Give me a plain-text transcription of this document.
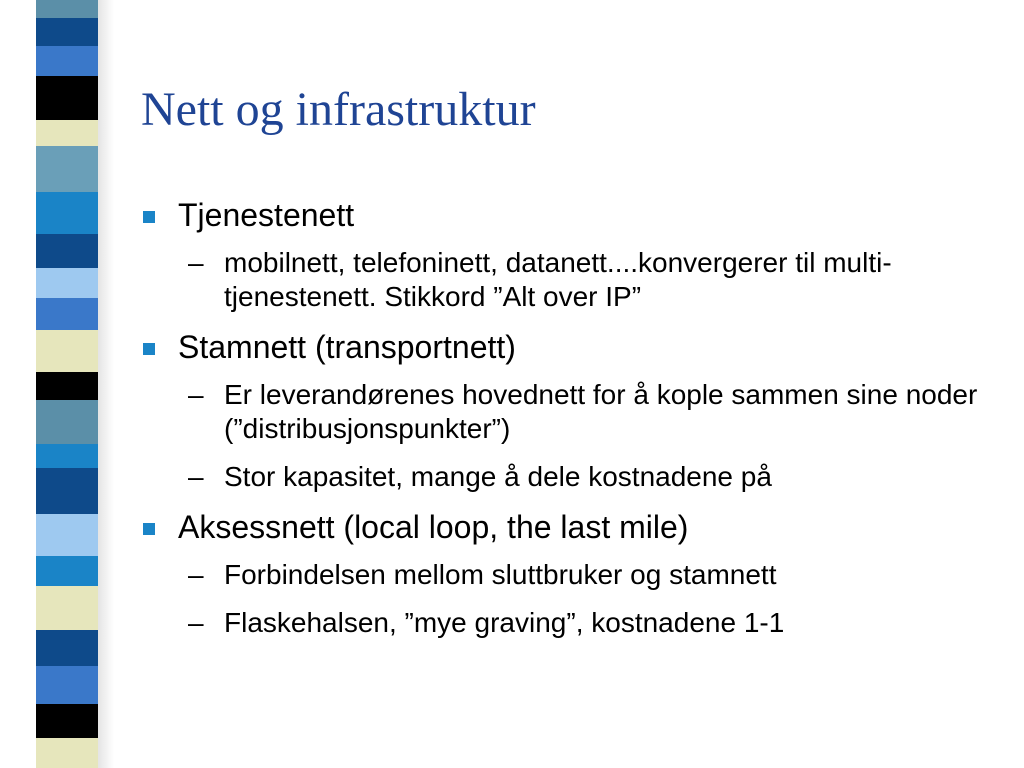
Nett og infrastruktur
Tjenestenett
– mobilnett, telefoninett, datanett....konvergerer til multi-tjenestenett. Stikkord ”Alt over IP”
Stamnett (transportnett)
– Er leverandørenes hovednett for å kople sammen sine noder (”distribusjonspunkter”)
– Stor kapasitet, mange å dele kostnadene på
Aksessnett (local loop, the last mile)
– Forbindelsen mellom sluttbruker og stamnett
– Flaskehalsen, ”mye graving”, kostnadene 1-1
